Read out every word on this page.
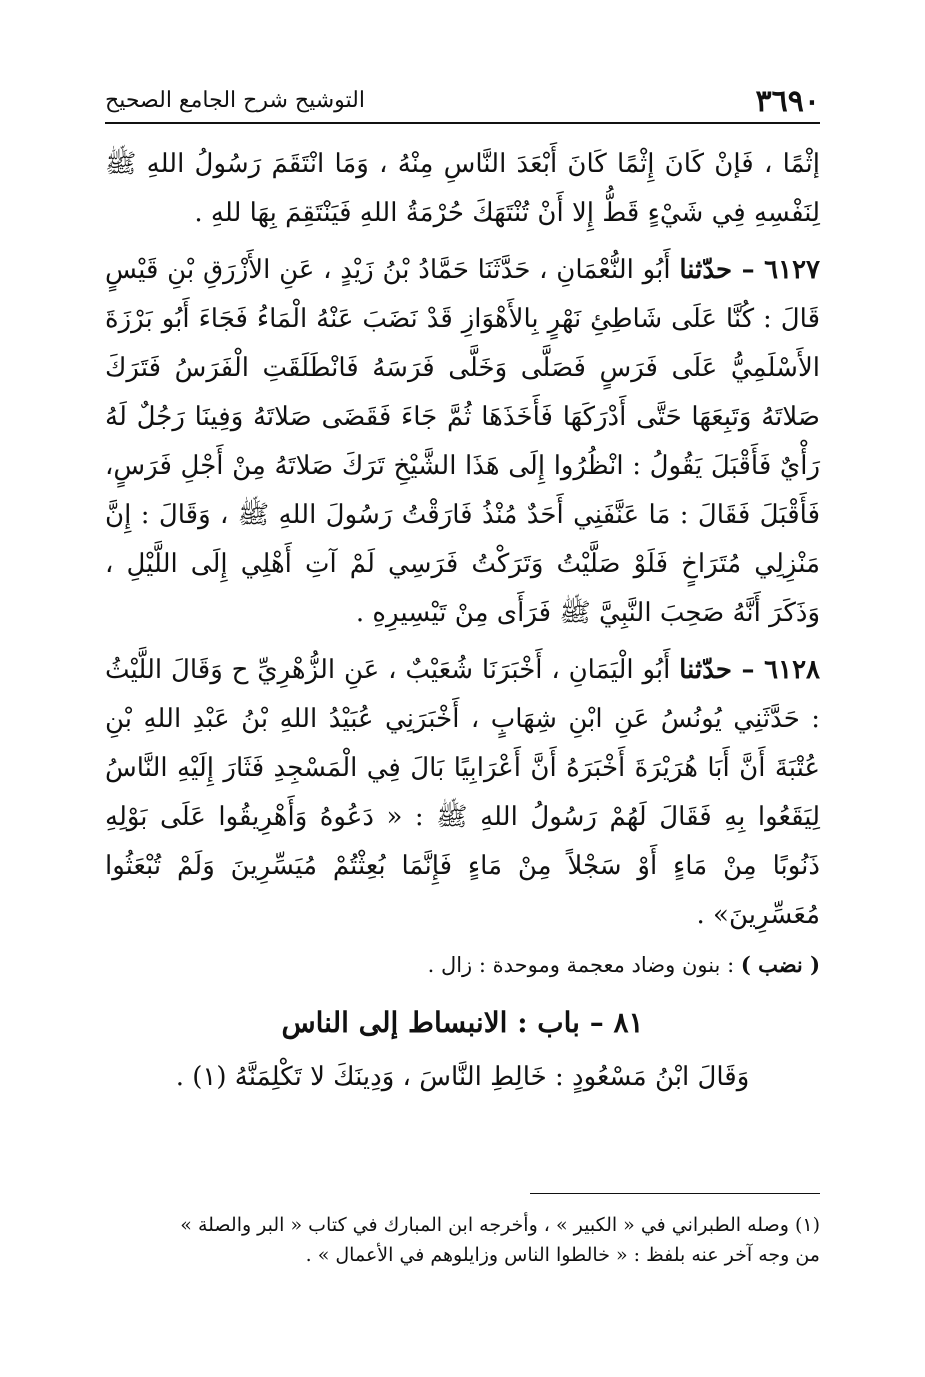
٣٦٩٠
التوشيح شرح الجامع الصحيح

إثْمًا ، فَإنْ كَانَ إِثْمًا كَانَ أَبْعَدَ النَّاسِ مِنْهُ ، وَمَا انْتَقَمَ رَسُولُ اللهِ ﷺ لِنَفْسِهِ فِي شَيْءٍ قَطُّ إِلا أَنْ تُنْتَهَكَ حُرْمَةُ اللهِ فَيَنْتَقِمَ بِهَا للهِ .

٦١٢٧ – حدّثنا أَبُو النُّعْمَانِ ، حَدَّثَنَا حَمَّادُ بْنُ زَيْدٍ ، عَنِ الأَزْرَقِ بْنِ قَيْسٍ قَالَ : كُنَّا عَلَى شَاطِئِ نَهْرٍ بِالأَهْوَازِ قَدْ نَضَبَ عَنْهُ الْمَاءُ فَجَاءَ أَبُو بَرْزَةَ الأَسْلَمِيُّ عَلَى فَرَسٍ فَصَلَّى وَخَلَّى فَرَسَهُ فَانْطَلَقَتِ الْفَرَسُ فَتَرَكَ صَلاتَهُ وَتَبِعَهَا حَتَّى أَدْرَكَهَا فَأَخَذَهَا ثُمَّ جَاءَ فَقَضَى صَلاتَهُ وَفِينَا رَجُلٌ لَهُ رَأْيٌ فَأَقْبَلَ يَقُولُ : انْظُرُوا إِلَى هَذَا الشَّيْخِ تَرَكَ صَلاتَهُ مِنْ أَجْلِ فَرَسٍ، فَأَقْبَلَ فَقَالَ : مَا عَنَّفَنِي أَحَدٌ مُنْذُ فَارَقْتُ رَسُولَ اللهِ ﷺ ، وَقَالَ : إِنَّ مَنْزِلِي مُتَرَاخٍ فَلَوْ صَلَّيْتُ وَتَرَكْتُ فَرَسِي لَمْ آتِ أَهْلِي إِلَى اللَّيْلِ ، وَذَكَرَ أَنَّهُ صَحِبَ النَّبِيَّ ﷺ فَرَأَى مِنْ تَيْسِيرِهِ .

٦١٢٨ – حدّثنا أَبُو الْيَمَانِ ، أَخْبَرَنَا شُعَيْبٌ ، عَنِ الزُّهْرِيِّ ح وَقَالَ اللَّيْثُ : حَدَّثَنِي يُونُسُ عَنِ ابْنِ شِهَابٍ ، أَخْبَرَنِي عُبَيْدُ اللهِ بْنُ عَبْدِ اللهِ بْنِ عُتْبَةَ أَنَّ أَبَا هُرَيْرَةَ أَخْبَرَهُ أَنَّ أَعْرَابِيًا بَالَ فِي الْمَسْجِدِ فَثَارَ إِلَيْهِ النَّاسُ لِيَقَعُوا بِهِ فَقَالَ لَهُمْ رَسُولُ اللهِ ﷺ : « دَعُوهُ وَأَهْرِيقُوا عَلَى بَوْلِهِ ذَنُوبًا مِنْ مَاءٍ أَوْ سَجْلاً مِنْ مَاءٍ فَإِنَّمَا بُعِثْتُمْ مُيَسِّرِينَ وَلَمْ تُبْعَثُوا مُعَسِّرِينَ» .

( نضب ) : بنون وضاد معجمة وموحدة : زال .

٨١ – باب : الانبساط إلى الناس

وَقَالَ ابْنُ مَسْعُودٍ : خَالِطِ النَّاسَ ، وَدِينَكَ لا تَكْلِمَنَّهُ (١) .

(١) وصله الطبراني في « الكبير » ، وأخرجه ابن المبارك في كتاب « البر والصلة »

من وجه آخر عنه بلفظ : « خالطوا الناس وزايلوهم في الأعمال » .
